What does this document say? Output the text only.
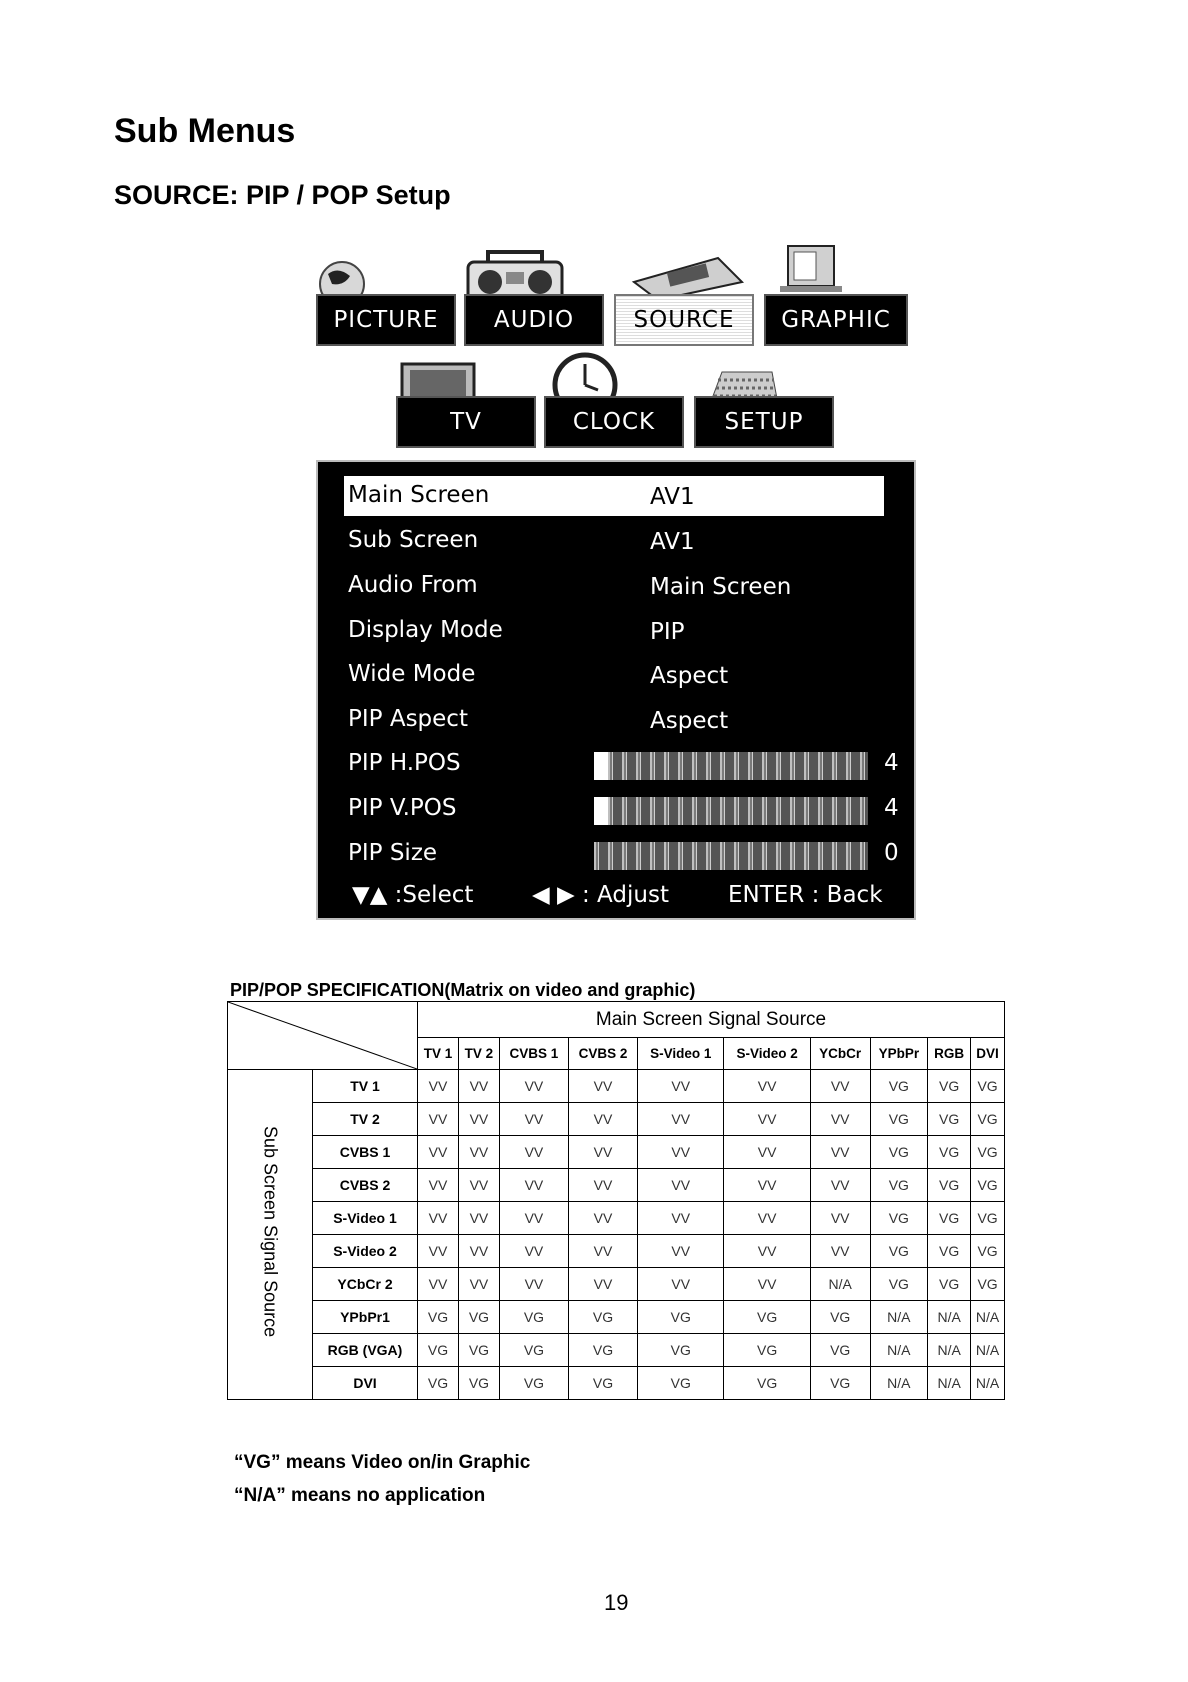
Sub Menus
SOURCE: PIP / POP Setup
PICTURE	AUDIO	SOURCE	GRAPHIC
TV	CLOCK	SETUP
Main Screen	AV1
Sub Screen	AV1
Audio From	Main Screen
Display Mode	PIP
Wide Mode	Aspect
PIP Aspect	Aspect
PIP H.POS	4
PIP V.POS	4
PIP Size	0
▼▲ :Select	◀ ▶ : Adjust	ENTER : Back
PIP/POP SPECIFICATION(Matrix on video and graphic)
	Main Screen Signal Source									
		TV 1	TV 2	CVBS 1	CVBS 2	S-Video 1	S-Video 2	YCbCr	YPbPr	RGB	DVI
Sub Screen Signal Source	TV 1	VV	VV	VV	VV	VV	VV	VV	VG	VG	VG
	TV 2	VV	VV	VV	VV	VV	VV	VV	VG	VG	VG
	CVBS 1	VV	VV	VV	VV	VV	VV	VV	VG	VG	VG
	CVBS 2	VV	VV	VV	VV	VV	VV	VV	VG	VG	VG
	S-Video 1	VV	VV	VV	VV	VV	VV	VV	VG	VG	VG
	S-Video 2	VV	VV	VV	VV	VV	VV	VV	VG	VG	VG
	YCbCr 2	VV	VV	VV	VV	VV	VV	N/A	VG	VG	VG
	YPbPr1	VG	VG	VG	VG	VG	VG	VG	N/A	N/A	N/A
	RGB (VGA)	VG	VG	VG	VG	VG	VG	VG	N/A	N/A	N/A
	DVI	VG	VG	VG	VG	VG	VG	VG	N/A	N/A	N/A
“VG” means Video on/in Graphic
“N/A” means no application
19
